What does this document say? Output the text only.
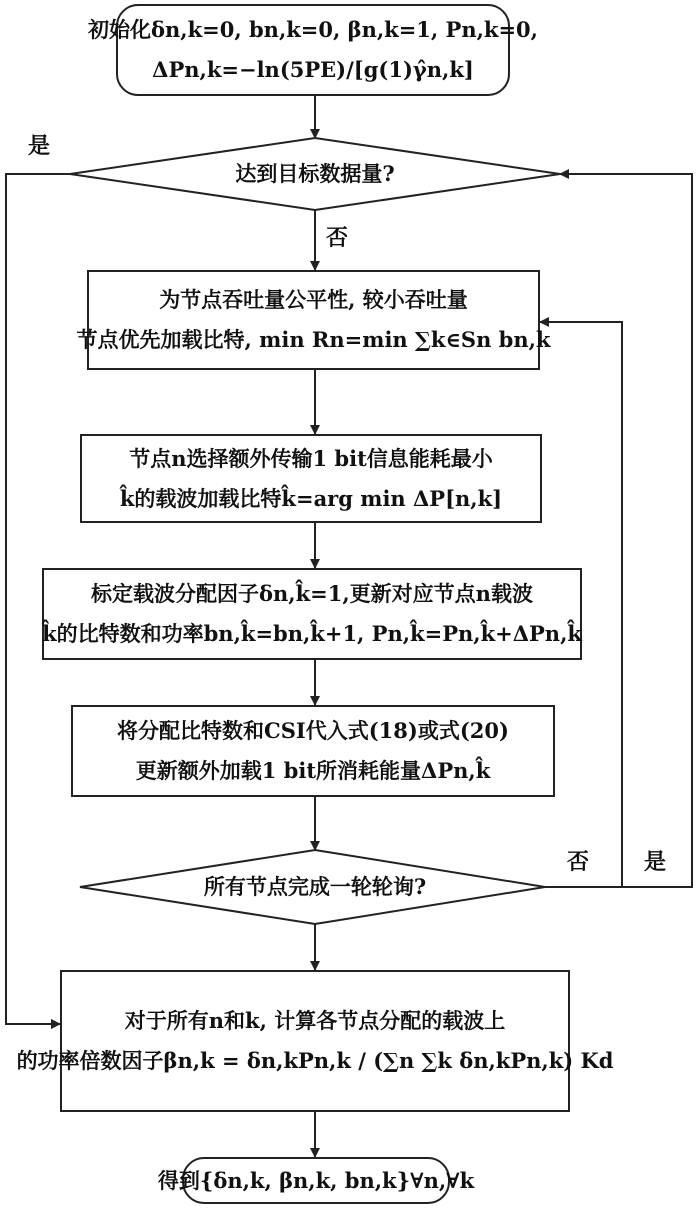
初始化δn,k=0, bn,k=0, βn,k=1, Pn,k=0,
ΔPn,k=−ln(5PE)/[g(1)γ̂n,k]
达到目标数据量?
为节点吞吐量公平性, 较小吞吐量
节点优先加载比特, min Rn=min ∑k∈Sn bn,k
节点n选择额外传输1 bit信息能耗最小
k̂的载波加载比特k̂=arg min ΔP[n,k]
标定载波分配因子δn,k̂=1,更新对应节点n载波
k̂的比特数和功率bn,k̂=bn,k̂+1, Pn,k̂=Pn,k̂+ΔPn,k̂
将分配比特数和CSI代入式(18)或式(20)
更新额外加载1 bit所消耗能量ΔPn,k̂
所有节点完成一轮轮询?
对于所有n和k, 计算各节点分配的载波上
的功率倍数因子βn,k = δn,kPn,k / (∑n ∑k δn,kPn,k) Kd
得到{δn,k, βn,k, bn,k}∀n,∀k
是
否
否 是
